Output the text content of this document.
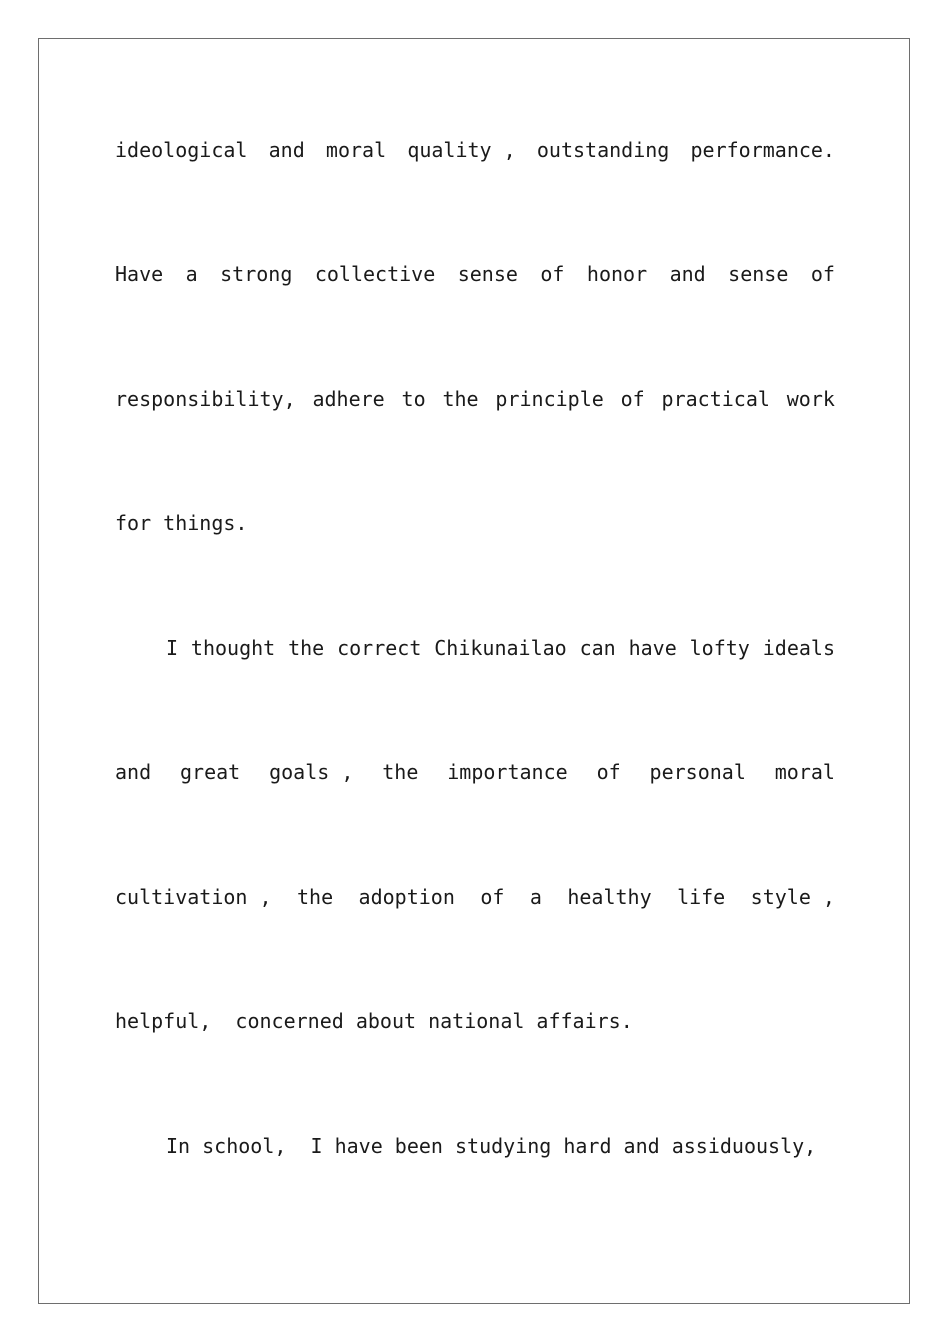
ideological and moral quality , outstanding performance.
Have a strong collective sense of honor and sense of
responsibility, adhere to the principle of practical work
for things.
I thought the correct Chikunailao can have lofty ideals
and great goals , the importance of personal moral
cultivation , the adoption of a healthy life style ,
helpful,  concerned about national affairs.
In school,  I have been studying hard and assiduously,
